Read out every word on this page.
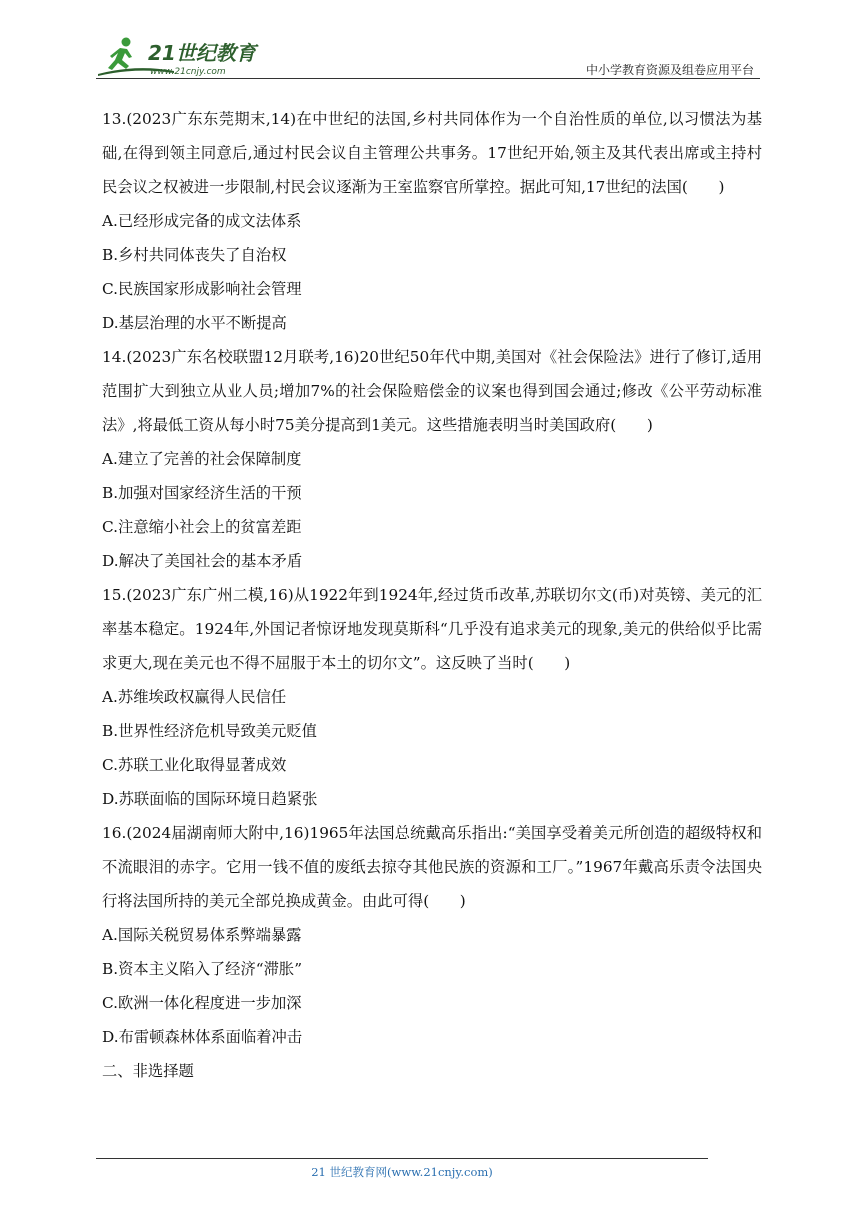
21世纪教育
www.21cnjy.com	中小学教育资源及组卷应用平台

13.(2023广东东莞期末,14)在中世纪的法国,乡村共同体作为一个自治性质的单位,以习惯法为基础,在得到领主同意后,通过村民会议自主管理公共事务。17世纪开始,领主及其代表出席或主持村民会议之权被进一步限制,村民会议逐渐为王室监察官所掌控。据此可知,17世纪的法国(　　)

A.已经形成完备的成文法体系

B.乡村共同体丧失了自治权

C.民族国家形成影响社会管理

D.基层治理的水平不断提高

14.(2023广东名校联盟12月联考,16)20世纪50年代中期,美国对《社会保险法》进行了修订,适用范围扩大到独立从业人员;增加7%的社会保险赔偿金的议案也得到国会通过;修改《公平劳动标准法》,将最低工资从每小时75美分提高到1美元。这些措施表明当时美国政府(　　)

A.建立了完善的社会保障制度

B.加强对国家经济生活的干预

C.注意缩小社会上的贫富差距

D.解决了美国社会的基本矛盾

15.(2023广东广州二模,16)从1922年到1924年,经过货币改革,苏联切尔文(币)对英镑、美元的汇率基本稳定。1924年,外国记者惊讶地发现莫斯科“几乎没有追求美元的现象,美元的供给似乎比需求更大,现在美元也不得不屈服于本土的切尔文”。这反映了当时(　　)

A.苏维埃政权赢得人民信任

B.世界性经济危机导致美元贬值

C.苏联工业化取得显著成效

D.苏联面临的国际环境日趋紧张

16.(2024届湖南师大附中,16)1965年法国总统戴高乐指出:“美国享受着美元所创造的超级特权和不流眼泪的赤字。它用一钱不值的废纸去掠夺其他民族的资源和工厂。”1967年戴高乐责令法国央行将法国所持的美元全部兑换成黄金。由此可得(　　)

A.国际关税贸易体系弊端暴露

B.资本主义陷入了经济“滞胀”

C.欧洲一体化程度进一步加深

D.布雷顿森林体系面临着冲击

二、非选择题

21 世纪教育网(www.21cnjy.com)
